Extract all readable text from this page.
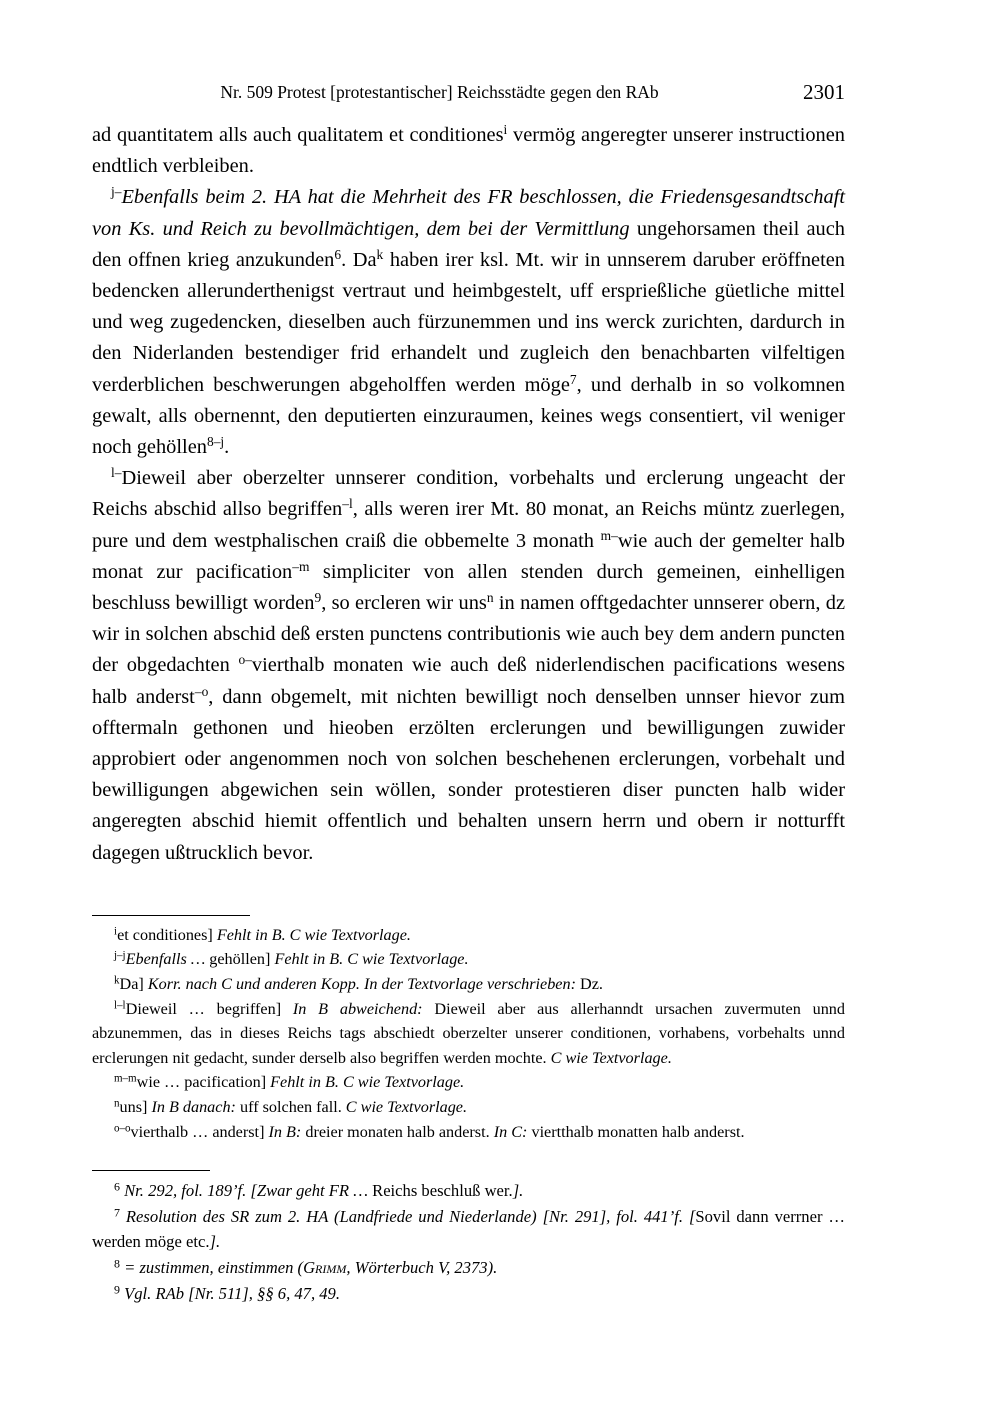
Nr. 509 Protest [protestantischer] Reichsstädte gegen den RAb	2301

ad quantitatem alls auch qualitatem et conditiones$^i$ vermög angeregter unserer instructionen endtlich verbleiben.

$^{j-}$Ebenfalls beim 2. HA hat die Mehrheit des FR beschlossen, die Friedensgesandtschaft von Ks. und Reich zu bevollmächtigen, dem bei der Vermittlung ungehorsamen theil auch den offnen krieg anzukunden$^6$. Da$^k$ haben irer ksl. Mt. wir in unnserem daruber eröffneten bedencken allerunderthenigst vertraut und heimbgestelt, uff ersprießliche güetliche mittel und weg zugedencken, dieselben auch fürzunemmen und ins werck zurichten, dardurch in den Niderlanden bestendiger frid erhandelt und zugleich den benachbarten vilfeltigen verderblichen beschwerungen abgeholffen werden möge$^7$, und derhalb in so volkomnen gewalt, alls obernennt, den deputierten einzuraumen, keines wegs consentiert, vil weniger noch gehöllen$^{8-j}$.

$^{l-}$Dieweil aber oberzelter unnserer condition, vorbehalts und erclerung ungeacht der Reichs abschid allso begriffen$^{-l}$, alls weren irer Mt. 80 monat, an Reichs müntz zuerlegen, pure und dem westphalischen craiß die obbemelte 3 monath $^{m-}$wie auch der gemelter halb monat zur pacification$^{-m}$ simpliciter von allen stenden durch gemeinen, einhelligen beschluss bewilligt worden$^9$, so ercleren wir uns$^n$ in namen offtgedachter unnserer obern, dz wir in solchen abschid deß ersten punctens contributionis wie auch bey dem andern puncten der obgedachten $^{o-}$vierthalb monaten wie auch deß niderlendischen pacifications wesens halb anderst$^{-o}$, dann obgemelt, mit nichten bewilligt noch denselben unnser hievor zum offtermaln gethonen und hieoben erzölten erclerungen und bewilligungen zuwider approbiert oder angenommen noch von solchen beschehenen erclerungen, vorbehalt und bewilligungen abgewichen sein wöllen, sonder protestieren diser puncten halb wider angeregten abschid hiemit offentlich und behalten unsern herrn und obern ir notturfft dagegen ußtrucklich bevor.

$^i$et conditiones] Fehlt in B. C wie Textvorlage.

$^{j-j}$Ebenfalls … gehöllen] Fehlt in B. C wie Textvorlage.

$^k$Da] Korr. nach C und anderen Kopp. In der Textvorlage verschrieben: Dz.

$^{l-l}$Dieweil … begriffen] In B abweichend: Dieweil aber aus allerhanndt ursachen zuvermuten unnd abzunemmen, das in dieses Reichs tags abschiedt oberzelter unserer conditionen, vorhabens, vorbehalts unnd erclerungen nit gedacht, sunder derselb also begriffen werden mochte. C wie Textvorlage.

$^{m-m}$wie … pacification] Fehlt in B. C wie Textvorlage.

$^n$uns] In B danach: uff solchen fall. C wie Textvorlage.

$^{o-o}$vierthalb … anderst] In B: dreier monaten halb anderst. In C: viertthalb monatten halb anderst.

$^6$ Nr. 292, fol. 189’f. [Zwar geht FR … Reichs beschluß wer.].

$^7$ Resolution des SR zum 2. HA (Landfriede und Niederlande) [Nr. 291], fol. 441’f. [Sovil dann verrner … werden möge etc.].

$^8$ = zustimmen, einstimmen (Grimm, Wörterbuch V, 2373).

$^9$ Vgl. RAb [Nr. 511], §§ 6, 47, 49.
